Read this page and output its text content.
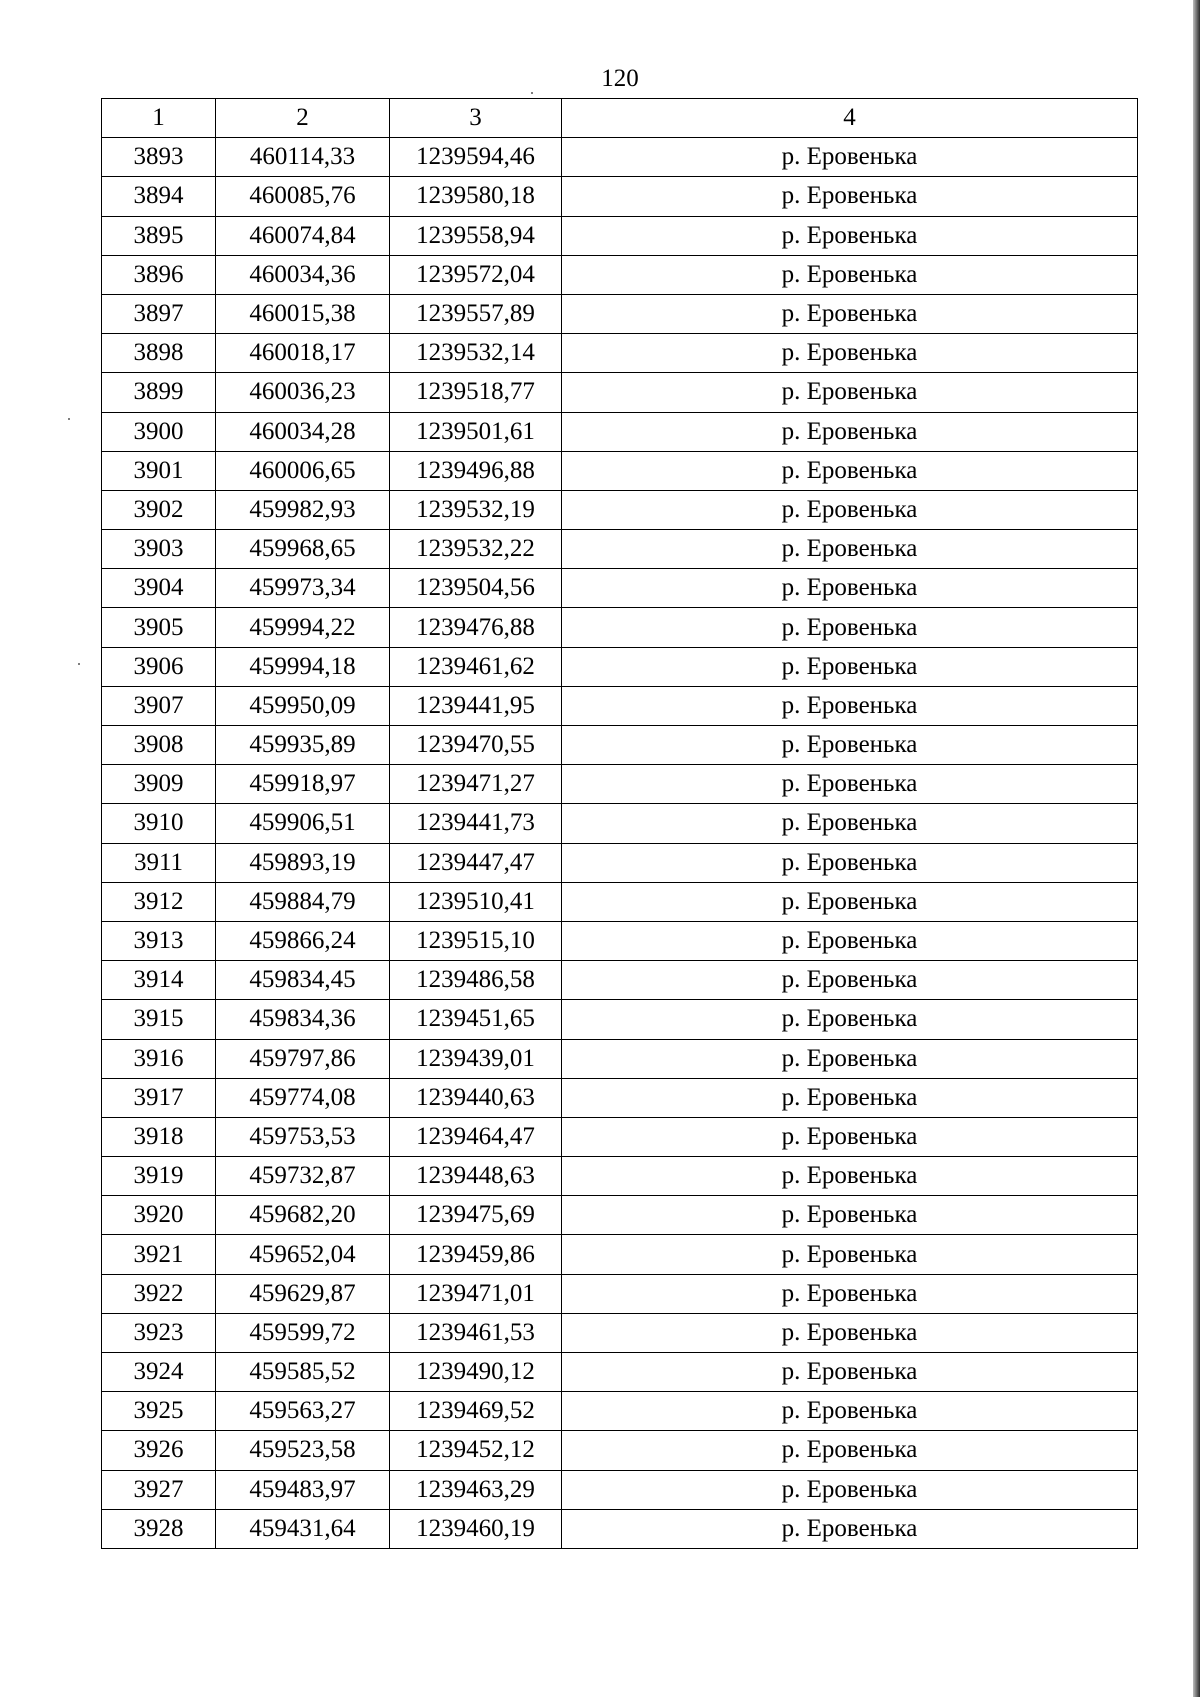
120
1	2	3	4
3893	460114,33	1239594,46	р. Еровенька
3894	460085,76	1239580,18	р. Еровенька
3895	460074,84	1239558,94	р. Еровенька
3896	460034,36	1239572,04	р. Еровенька
3897	460015,38	1239557,89	р. Еровенька
3898	460018,17	1239532,14	р. Еровенька
3899	460036,23	1239518,77	р. Еровенька
3900	460034,28	1239501,61	р. Еровенька
3901	460006,65	1239496,88	р. Еровенька
3902	459982,93	1239532,19	р. Еровенька
3903	459968,65	1239532,22	р. Еровенька
3904	459973,34	1239504,56	р. Еровенька
3905	459994,22	1239476,88	р. Еровенька
3906	459994,18	1239461,62	р. Еровенька
3907	459950,09	1239441,95	р. Еровенька
3908	459935,89	1239470,55	р. Еровенька
3909	459918,97	1239471,27	р. Еровенька
3910	459906,51	1239441,73	р. Еровенька
3911	459893,19	1239447,47	р. Еровенька
3912	459884,79	1239510,41	р. Еровенька
3913	459866,24	1239515,10	р. Еровенька
3914	459834,45	1239486,58	р. Еровенька
3915	459834,36	1239451,65	р. Еровенька
3916	459797,86	1239439,01	р. Еровенька
3917	459774,08	1239440,63	р. Еровенька
3918	459753,53	1239464,47	р. Еровенька
3919	459732,87	1239448,63	р. Еровенька
3920	459682,20	1239475,69	р. Еровенька
3921	459652,04	1239459,86	р. Еровенька
3922	459629,87	1239471,01	р. Еровенька
3923	459599,72	1239461,53	р. Еровенька
3924	459585,52	1239490,12	р. Еровенька
3925	459563,27	1239469,52	р. Еровенька
3926	459523,58	1239452,12	р. Еровенька
3927	459483,97	1239463,29	р. Еровенька
3928	459431,64	1239460,19	р. Еровенька
